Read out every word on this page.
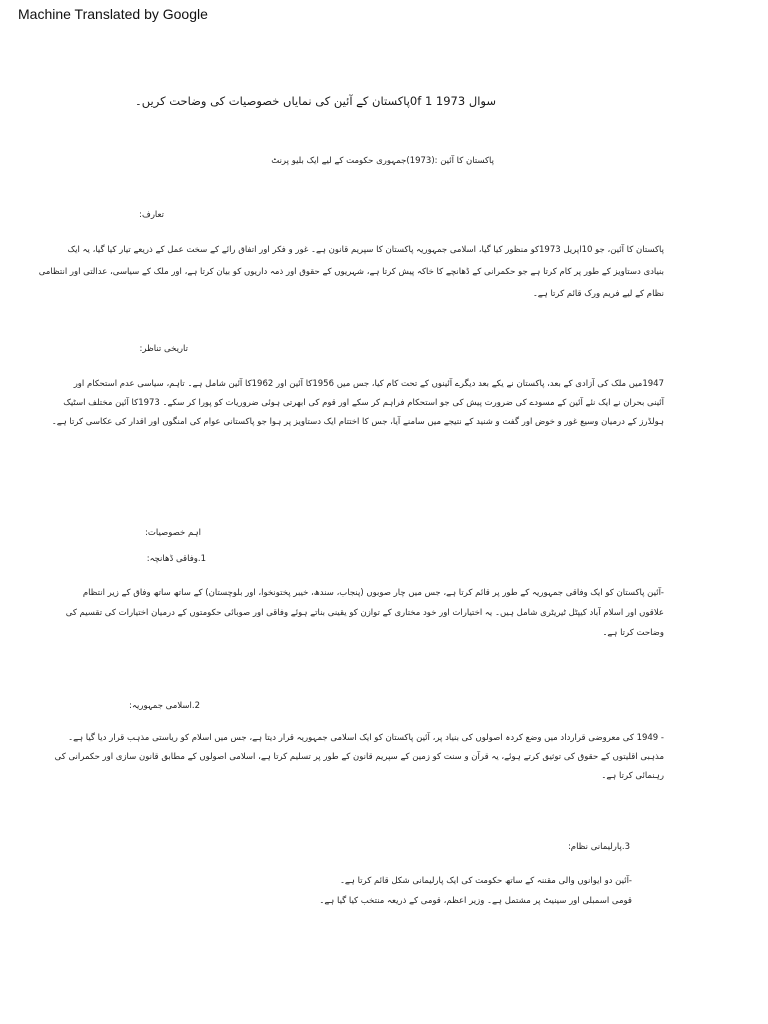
Machine Translated by Google
سوال 1973 0f 1پاکستان کے آئین کی نمایاں خصوصیات کی وضاحت کریں۔
پاکستان کا آئین :(1973)جمہوری حکومت کے لیے ایک بلیو پرنٹ
تعارف:
پاکستان کا آئین، جو 10اپریل 1973کو منظور کیا گیا، اسلامی جمہوریہ پاکستان کا سپریم قانون ہے۔ غور و فکر اور اتفاق رائے کے سخت عمل کے ذریعے تیار کیا گیا، یہ ایک
بنیادی دستاویز کے طور پر کام کرتا ہے جو حکمرانی کے ڈھانچے کا خاکہ پیش کرتا ہے، شہریوں کے حقوق اور ذمہ داریوں کو بیان کرتا ہے، اور ملک کے سیاسی، عدالتی اور انتظامی
نظام کے لیے فریم ورک قائم کرتا ہے۔
تاریخی تناظر:
1947میں ملک کی آزادی کے بعد، پاکستان نے یکے بعد دیگرے آئینوں کے تحت کام کیا، جس میں 1956کا آئین اور 1962کا آئین شامل ہے۔ تاہم، سیاسی عدم استحکام اور
آئینی بحران نے ایک نئے آئین کے مسودے کی ضرورت پیش کی جو استحکام فراہم کر سکے اور قوم کی ابھرتی ہوئی ضروریات کو پورا کر سکے۔ 1973کا آئین مختلف اسٹیک
ہولڈرز کے درمیان وسیع غور و خوض اور گفت و شنید کے نتیجے میں سامنے آیا، جس کا اختتام ایک دستاویز پر ہوا جو پاکستانی عوام کی امنگوں اور اقدار کی عکاسی کرتا ہے۔
اہم خصوصیات:
1.وفاقی ڈھانچہ:
-آئین پاکستان کو ایک وفاقی جمہوریہ کے طور پر قائم کرتا ہے، جس میں چار صوبوں (پنجاب، سندھ، خیبر پختونخوا، اور بلوچستان) کے ساتھ ساتھ وفاق کے زیر انتظام
علاقوں اور اسلام آباد کیپٹل ٹیریٹری شامل ہیں۔ یہ اختیارات اور خود مختاری کے توازن کو یقینی بناتے ہوئے وفاقی اور صوبائی حکومتوں کے درمیان اختیارات کی تقسیم کی
وضاحت کرتا ہے۔
2.اسلامی جمہوریہ:
- 1949 کی معروضی قرارداد میں وضع کردہ اصولوں کی بنیاد پر، آئین پاکستان کو ایک اسلامی جمہوریہ قرار دیتا ہے، جس میں اسلام کو ریاستی مذہب قرار دیا گیا ہے۔
مذہبی اقلیتوں کے حقوق کی توثیق کرتے ہوئے، یہ قرآن و سنت کو زمین کے سپریم قانون کے طور پر تسلیم کرتا ہے، اسلامی اصولوں کے مطابق قانون سازی اور حکمرانی کی
رہنمائی کرتا ہے۔
3.پارلیمانی نظام:
-آئین دو ایوانوں والی مقننہ کے ساتھ حکومت کی ایک پارلیمانی شکل قائم کرتا ہے۔
قومی اسمبلی اور سینیٹ پر مشتمل ہے۔ وزیر اعظم، قومی کے ذریعہ منتخب کیا گیا ہے۔
